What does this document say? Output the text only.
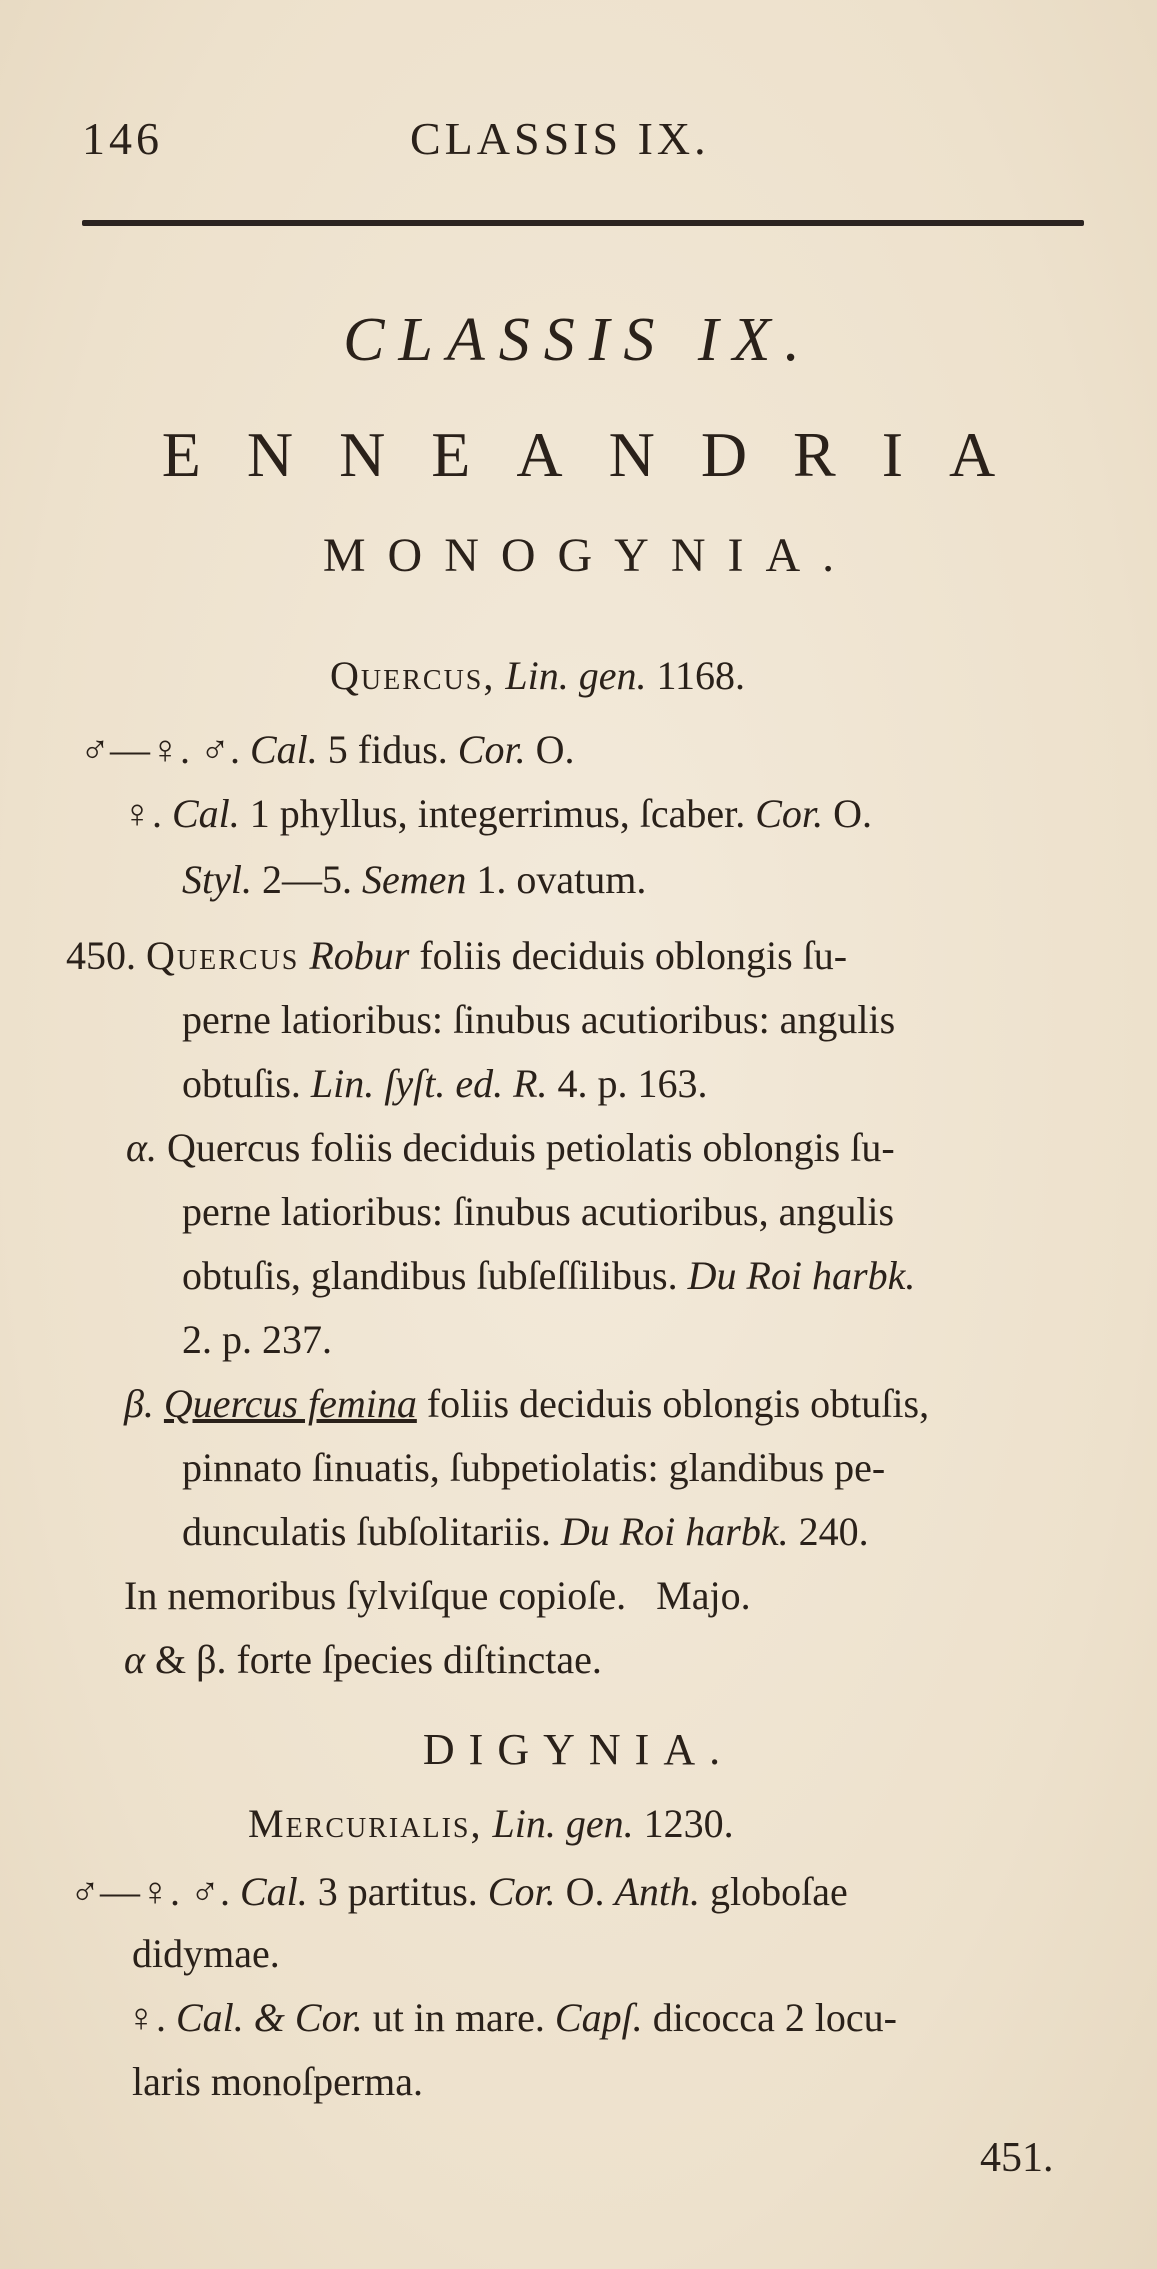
146	CLASSIS IX.
CLASSIS IX.
ENNEANDRIA
MONOGYNIA.
Quercus, Lin. gen. 1168.
♂—♀. ♂. Cal. 5 fidus. Cor. O.
♀. Cal. 1 phyllus, integerrimus, ſcaber. Cor. O.
Styl. 2—5. Semen 1. ovatum.
450. Quercus Robur foliis deciduis oblongis ſu-
perne latioribus: ſinubus acutioribus: angulis
obtuſis. Lin. ſyſt. ed. R. 4. p. 163.
α. Quercus foliis deciduis petiolatis oblongis ſu-
perne latioribus: ſinubus acutioribus, angulis
obtuſis, glandibus ſubſeſſilibus. Du Roi harbk.
2. p. 237.
β. Quercus femina foliis deciduis oblongis obtuſis,
pinnato ſinuatis, ſubpetiolatis: glandibus pe-
dunculatis ſubſolitariis. Du Roi harbk. 240.
In nemoribus ſylviſque copioſe.   Majo.
α & β. forte ſpecies diſtinctae.
DIGYNIA.
Mercurialis, Lin. gen. 1230.
♂—♀. ♂. Cal. 3 partitus. Cor. O. Anth. globoſae
didymae.
♀. Cal. & Cor. ut in mare. Capſ. dicocca 2 locu-
laris monoſperma.
451.
